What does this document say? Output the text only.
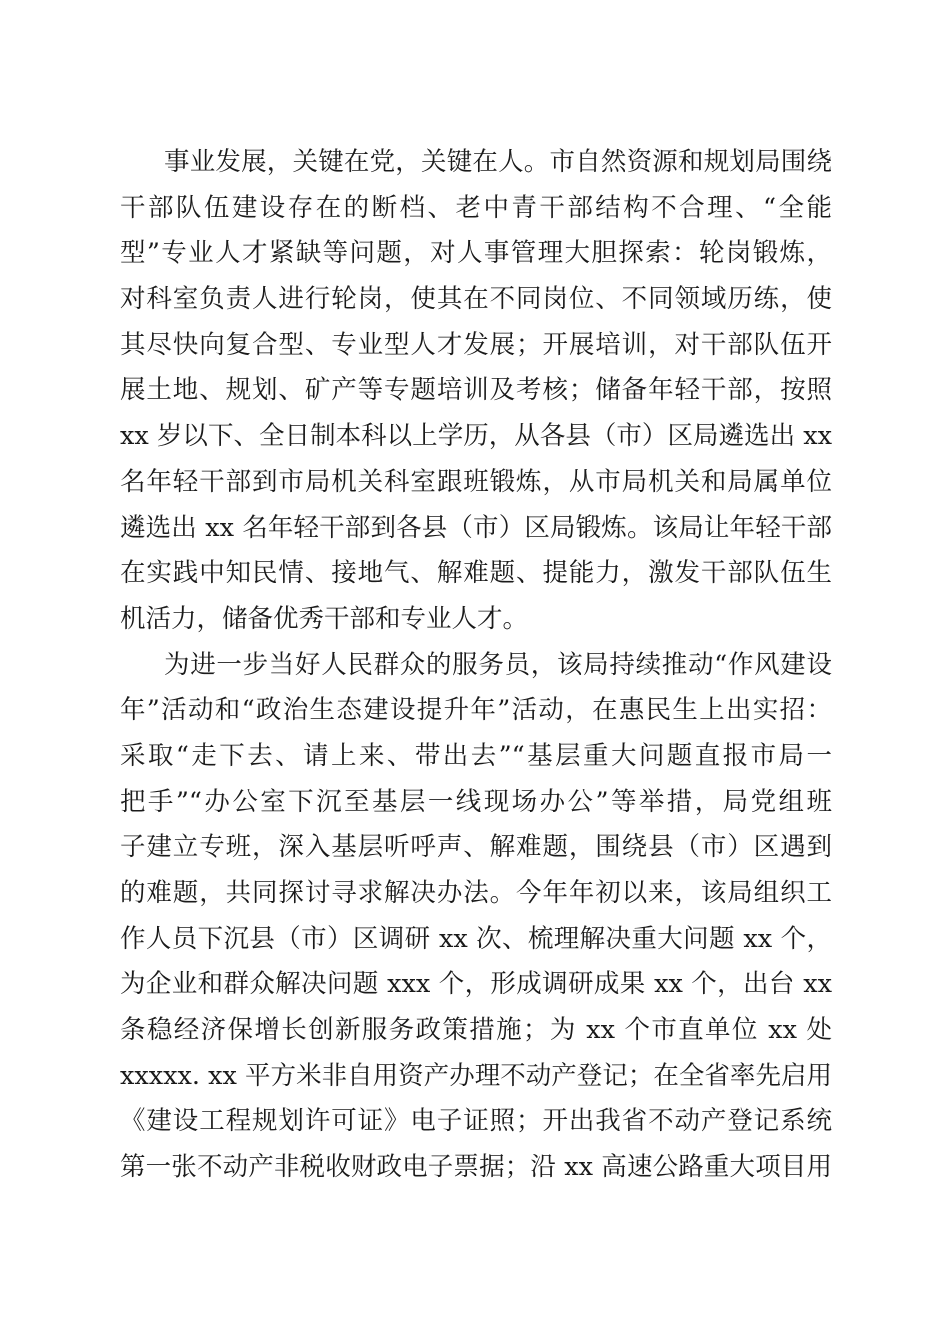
事业发展，关键在党，关键在人。市自然资源和规划局围绕
干部队伍建设存在的断档、老中青干部结构不合理、“全能
型”专业人才紧缺等问题，对人事管理大胆探索：轮岗锻炼，
对科室负责人进行轮岗，使其在不同岗位、不同领域历练，使
其尽快向复合型、专业型人才发展；开展培训，对干部队伍开
展土地、规划、矿产等专题培训及考核；储备年轻干部，按照
xx 岁以下、全日制本科以上学历，从各县（市）区局遴选出 xx
名年轻干部到市局机关科室跟班锻炼，从市局机关和局属单位
遴选出 xx 名年轻干部到各县（市）区局锻炼。该局让年轻干部
在实践中知民情、接地气、解难题、提能力，激发干部队伍生
机活力，储备优秀干部和专业人才。
为进一步当好人民群众的服务员，该局持续推动“作风建设
年”活动和“政治生态建设提升年”活动，在惠民生上出实招：
采取“走下去、请上来、带出去”“基层重大问题直报市局一
把手”“办公室下沉至基层一线现场办公”等举措，局党组班
子建立专班，深入基层听呼声、解难题，围绕县（市）区遇到
的难题，共同探讨寻求解决办法。今年年初以来，该局组织工
作人员下沉县（市）区调研 xx 次、梳理解决重大问题 xx 个，
为企业和群众解决问题 xxx 个，形成调研成果 xx 个，出台 xx
条稳经济保增长创新服务政策措施；为 xx 个市直单位 xx 处
xxxxx. xx 平方米非自用资产办理不动产登记；在全省率先启用
《建设工程规划许可证》电子证照；开出我省不动产登记系统
第一张不动产非税收财政电子票据；沿 xx 高速公路重大项目用
